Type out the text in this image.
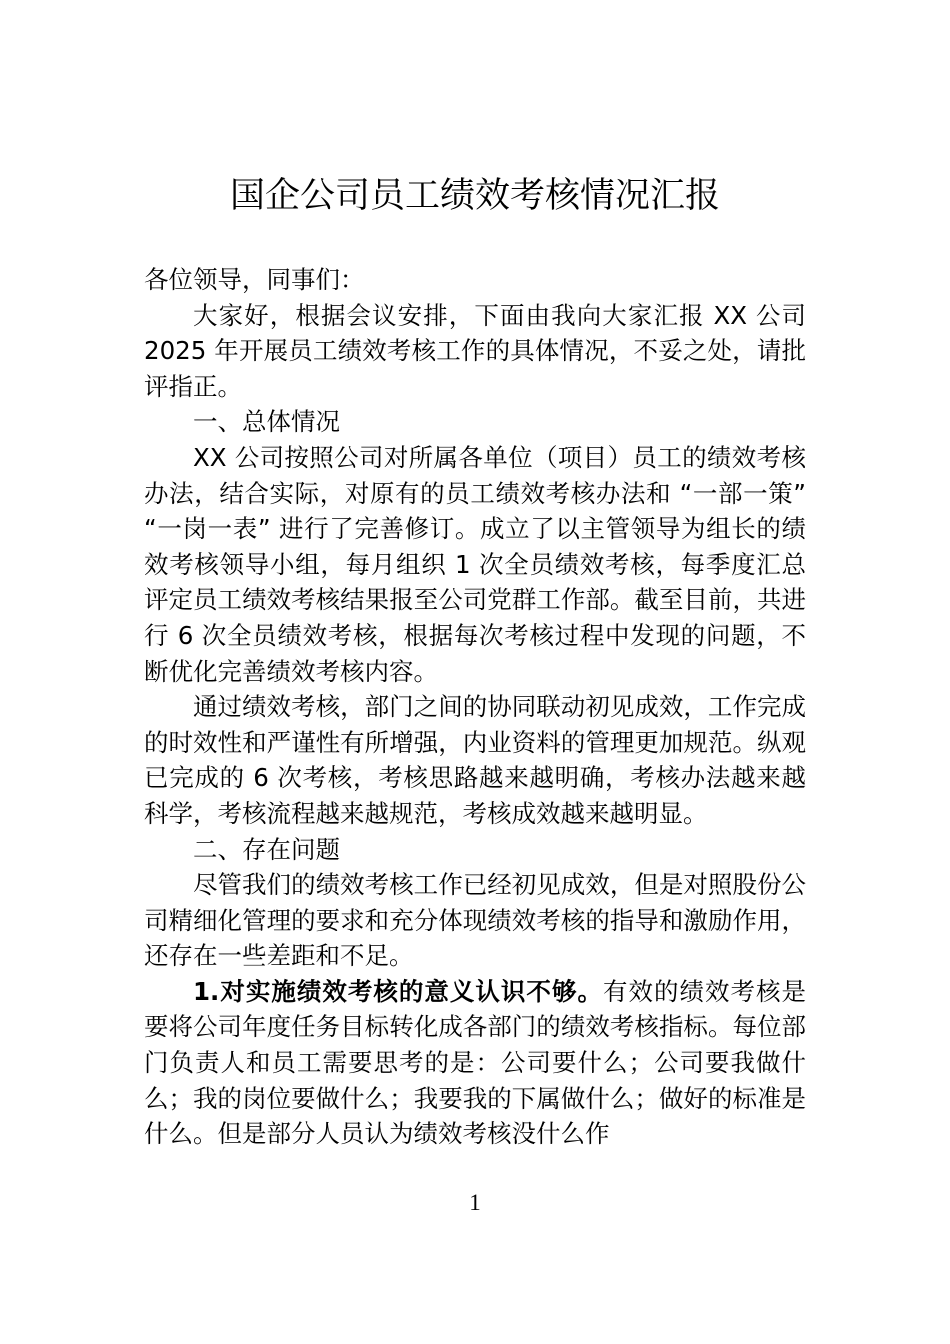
国企公司员工绩效考核情况汇报

各位领导，同事们：

大家好，根据会议安排，下面由我向大家汇报 XX 公司 2025 年开展员工绩效考核工作的具体情况，不妥之处，请批评指正。

一、总体情况

XX 公司按照公司对所属各单位（项目）员工的绩效考核办法，结合实际，对原有的员工绩效考核办法和 “一部一策” “一岗一表” 进行了完善修订。成立了以主管领导为组长的绩效考核领导小组，每月组织 1 次全员绩效考核，每季度汇总评定员工绩效考核结果报至公司党群工作部。截至目前，共进行 6 次全员绩效考核，根据每次考核过程中发现的问题，不断优化完善绩效考核内容。

通过绩效考核，部门之间的协同联动初见成效，工作完成的时效性和严谨性有所增强，内业资料的管理更加规范。纵观已完成的 6 次考核，考核思路越来越明确，考核办法越来越科学，考核流程越来越规范，考核成效越来越明显。

二、存在问题

尽管我们的绩效考核工作已经初见成效，但是对照股份公司精细化管理的要求和充分体现绩效考核的指导和激励作用，还存在一些差距和不足。

1.对实施绩效考核的意义认识不够。有效的绩效考核是要将公司年度任务目标转化成各部门的绩效考核指标。每位部门负责人和员工需要思考的是：公司要什么；公司要我做什么；我的岗位要做什么；我要我的下属做什么；做好的标准是什么。但是部分人员认为绩效考核没什么作

1
